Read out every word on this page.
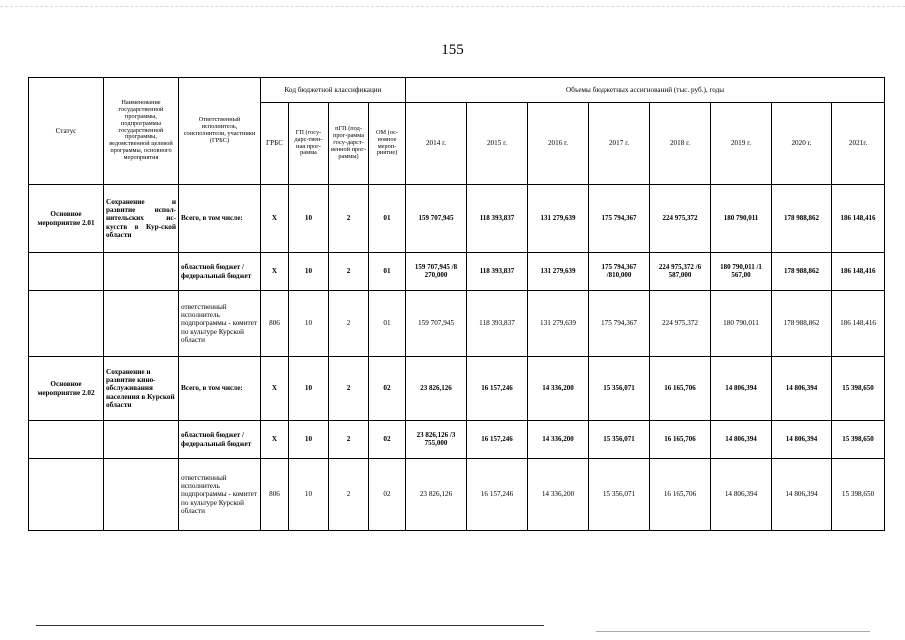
155
Статус	Наименование государственной программы, подпрограммы государственной программы, ведомственной целевой программы, основного мероприятия	Ответственный исполнитель, соисполнители, участники (ГРБС)	Код бюджетной классификации				Объемы бюджетных ассигнований (тыс. руб.), годы							
			ГРБС	ГП (госу-дарс-твен-ная прог-рамма	пГП (под-прог-рамма госу-дарст-венной прог-раммы)	ОМ (ос-новное мероп-риятие)	2014 г.	2015 г.	2016 г.	2017 г.	2018 г.	2019 г.	2020 г.	2021г.
Основное мероприятие 2.01	Сохранение и развитие испол-нительских ис-кусств в Кур-ской области	Всего, в том числе:	Х	10	2	01	159 707,945	118 393,837	131 279,639	175 794,367	224 975,372	180 790,011	178 988,862	186 148,416
		областной бюджет /федеральный бюджет	Х	10	2	01	159 707,945 /8 270,000	118 393,837	131 279,639	175 794,367 /810,000	224 975,372 /6 587,000	180 790,011 /1 567,00	178 988,862	186 148,416
		ответственный исполнитель подпрограммы - комитет по культуре Курской области	806	10	2	01	159 707,945	118 393,837	131 279,639	175 794,367	224 975,372	180 790,011	178 988,862	186 148,416
Основное мероприятие 2.02	Сохранение и развитие кино-обслуживания населения в Курской области	Всего, в том числе:	Х	10	2	02	23 826,126	16 157,246	14 336,200	15 356,071	16 165,706	14 806,394	14 806,394	15 398,650
		областной бюджет /федеральный бюджет	Х	10	2	02	23 826,126 /3 755,000	16 157,246	14 336,200	15 356,071	16 165,706	14 806,394	14 806,394	15 398,650
		ответственный исполнитель подпрограммы - комитет по культуре Курской области	806	10	2	02	23 826,126	16 157,246	14 336,200	15 356,071	16 165,706	14 806,394	14 806,394	15 398,650
